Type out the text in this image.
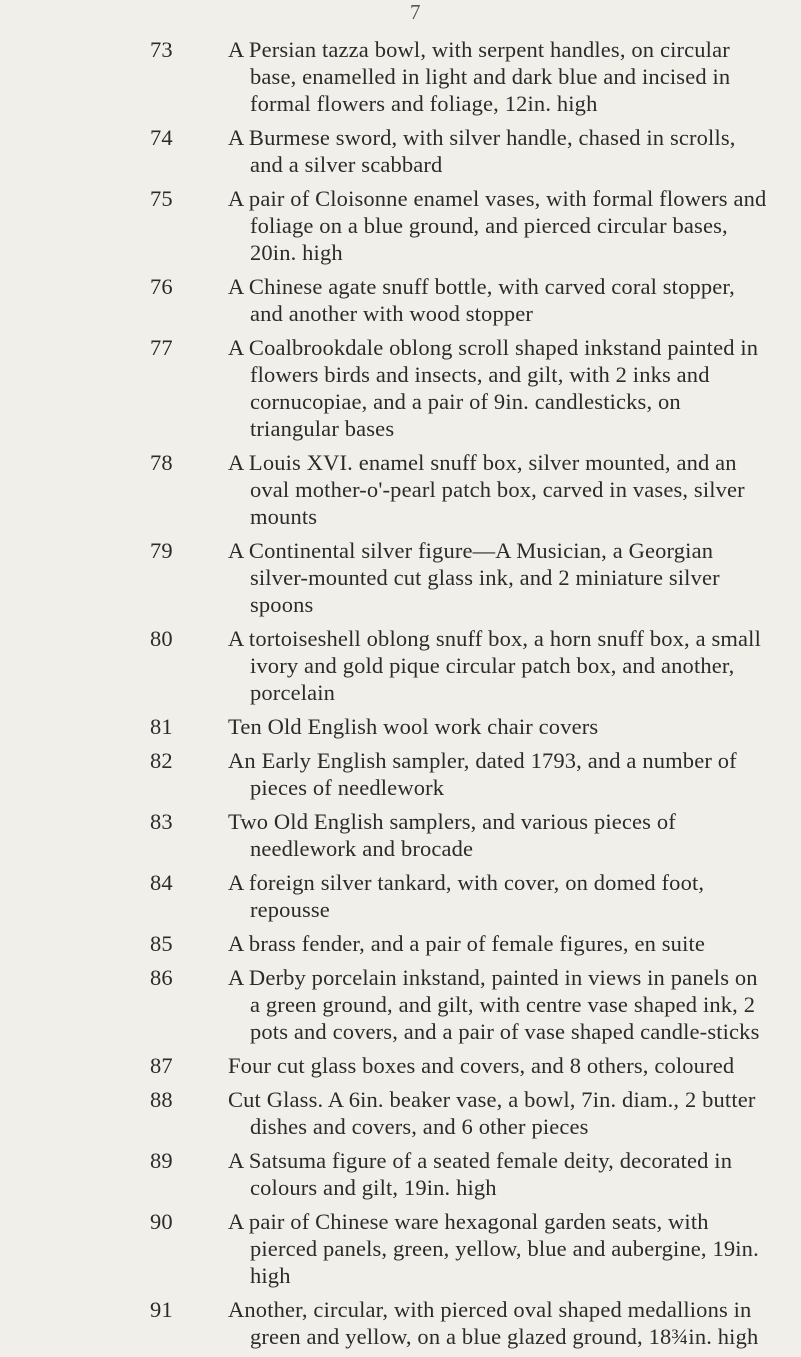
7
73	A Persian tazza bowl, with serpent handles, on circular base, enamelled in light and dark blue and incised in formal flowers and foliage, 12in. high
74	A Burmese sword, with silver handle, chased in scrolls, and a silver scabbard
75	A pair of Cloisonne enamel vases, with formal flowers and foliage on a blue ground, and pierced circular bases, 20in. high
76	A Chinese agate snuff bottle, with carved coral stopper, and another with wood stopper
77	A Coalbrookdale oblong scroll shaped inkstand painted in flowers birds and insects, and gilt, with 2 inks and cornucopiae, and a pair of 9in. candlesticks, on triangular bases
78	A Louis XVI. enamel snuff box, silver mounted, and an oval mother-o'-pearl patch box, carved in vases, silver mounts
79	A Continental silver figure—A Musician, a Georgian silver-mounted cut glass ink, and 2 miniature silver spoons
80	A tortoiseshell oblong snuff box, a horn snuff box, a small ivory and gold pique circular patch box, and another, porcelain
81	Ten Old English wool work chair covers
82	An Early English sampler, dated 1793, and a number of pieces of needlework
83	Two Old English samplers, and various pieces of needlework and brocade
84	A foreign silver tankard, with cover, on domed foot, repousse
85	A brass fender, and a pair of female figures, en suite
86	A Derby porcelain inkstand, painted in views in panels on a green ground, and gilt, with centre vase shaped ink, 2 pots and covers, and a pair of vase shaped candle-sticks
87	Four cut glass boxes and covers, and 8 others, coloured
88	Cut Glass. A 6in. beaker vase, a bowl, 7in. diam., 2 butter dishes and covers, and 6 other pieces
89	A Satsuma figure of a seated female deity, decorated in colours and gilt, 19in. high
90	A pair of Chinese ware hexagonal garden seats, with pierced panels, green, yellow, blue and aubergine, 19in. high
91	Another, circular, with pierced oval shaped medallions in green and yellow, on a blue glazed ground, 18¾in. high
